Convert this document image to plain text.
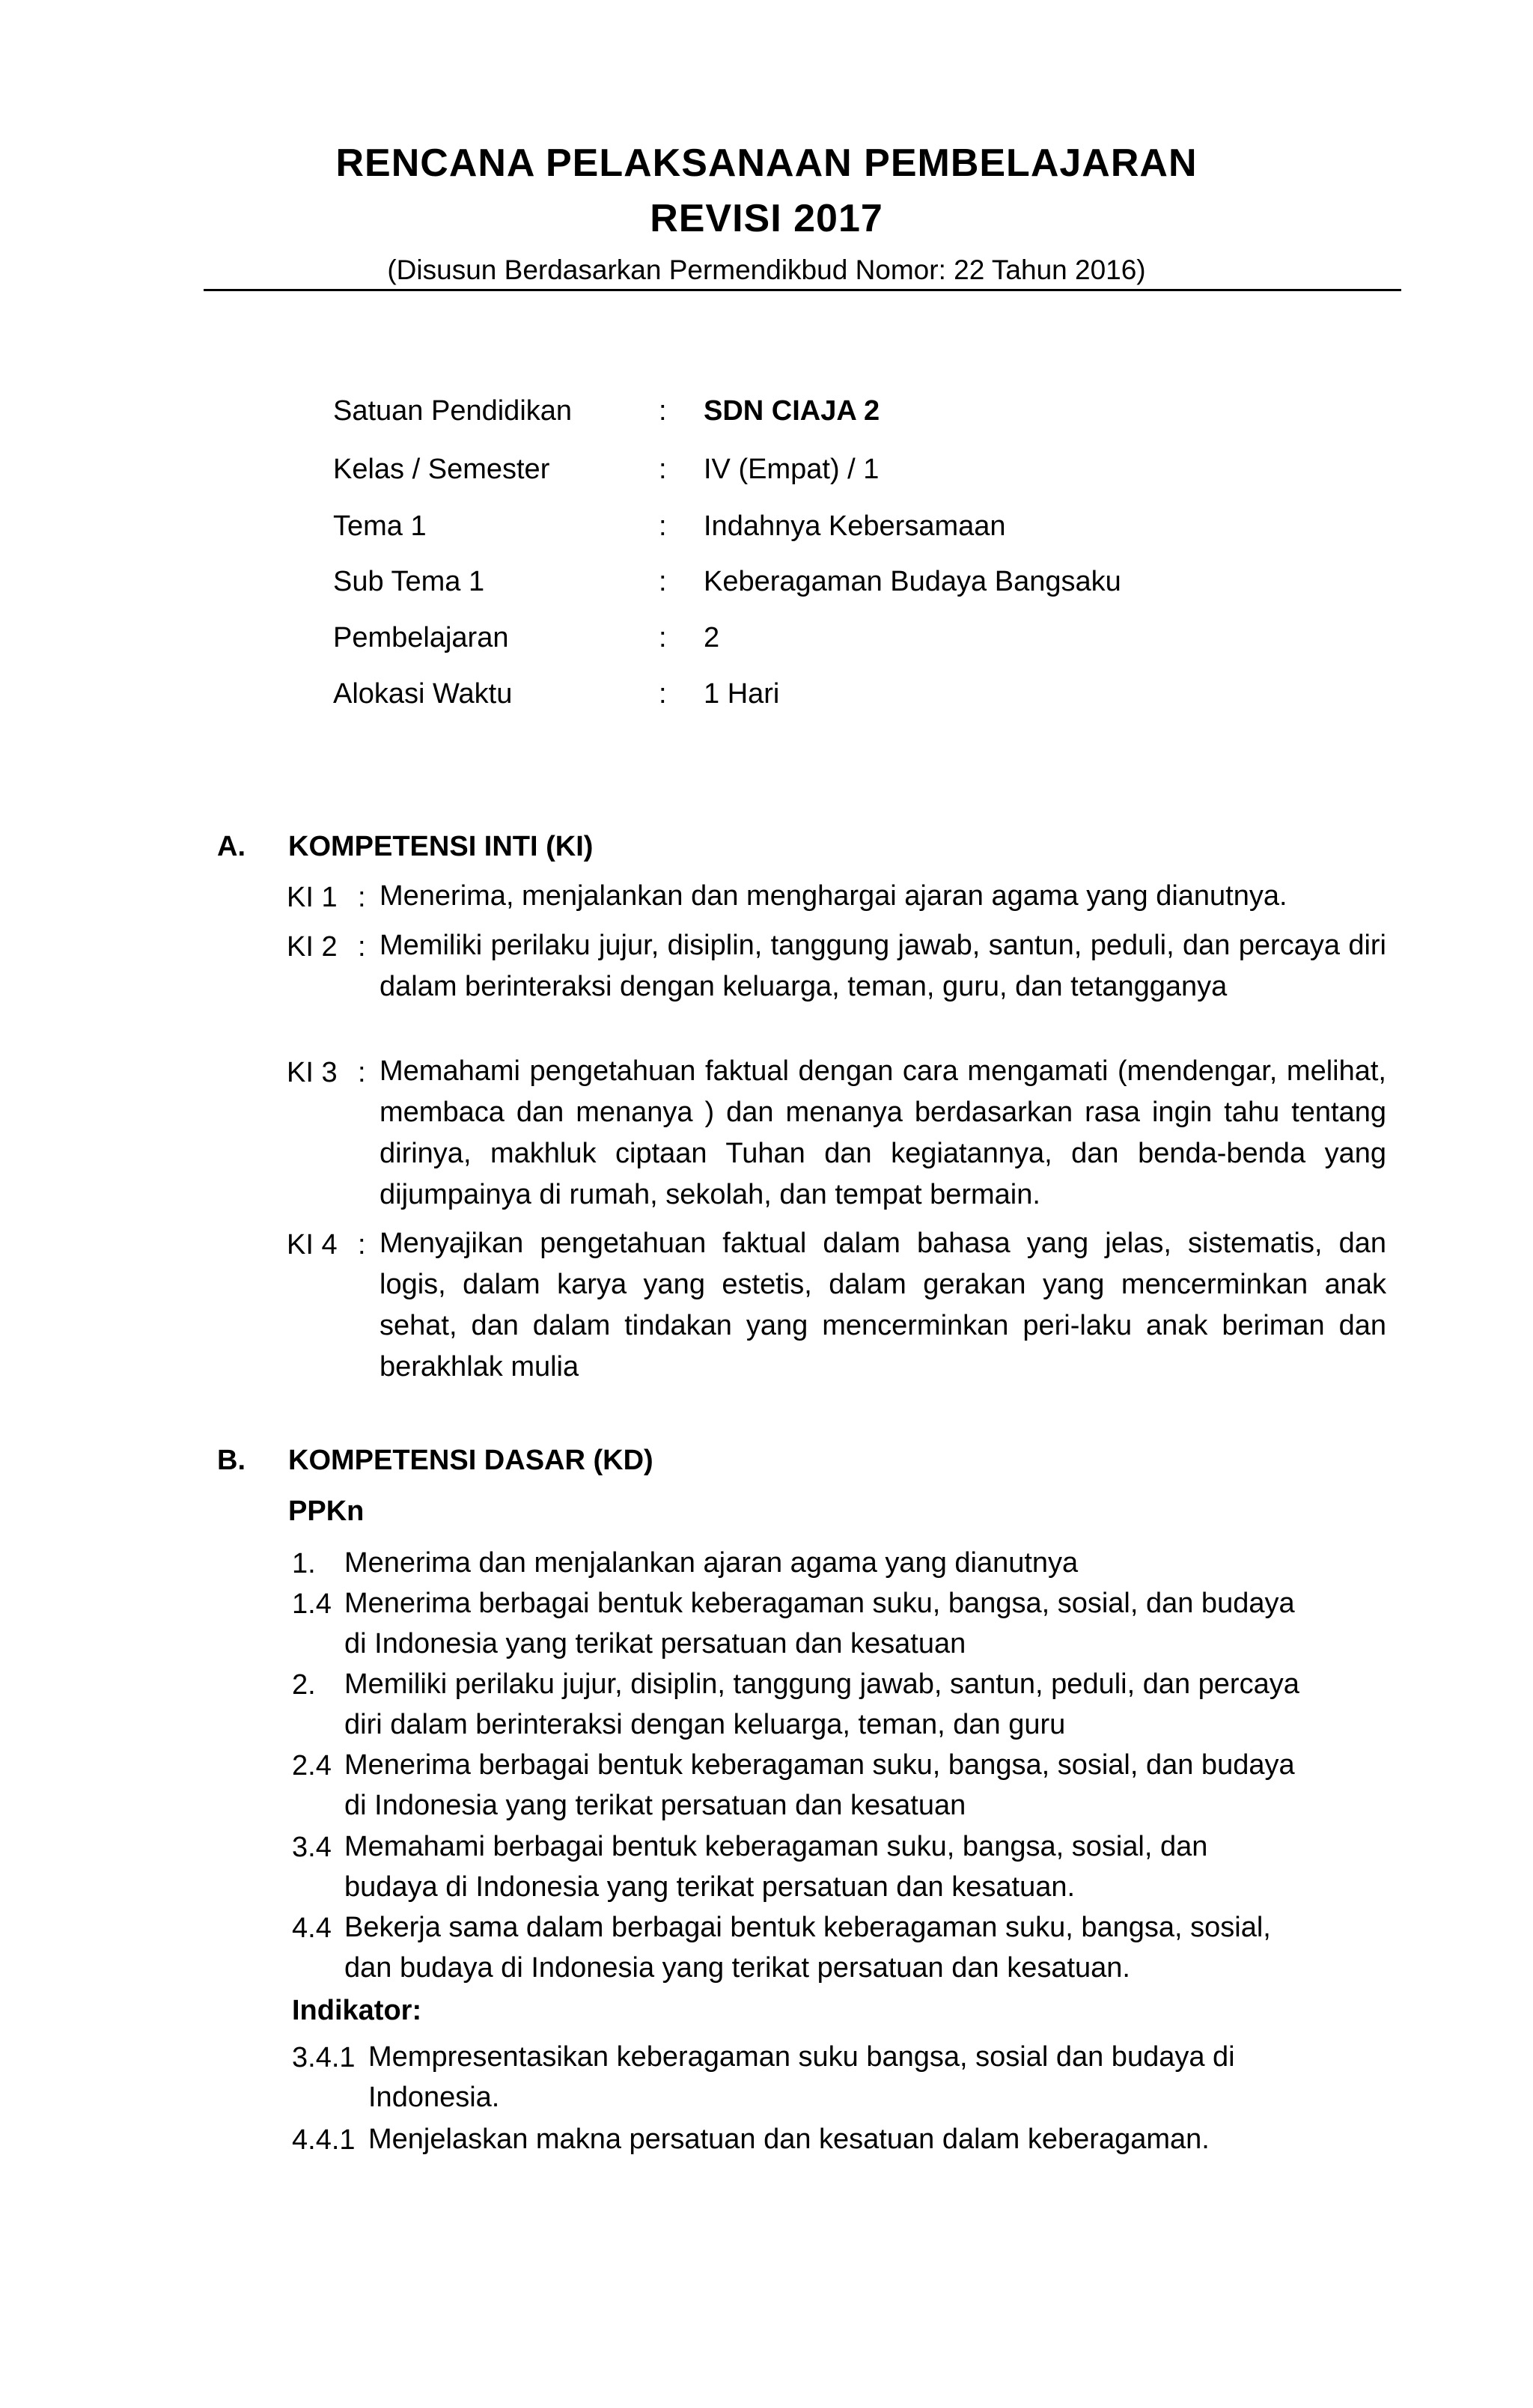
RENCANA PELAKSANAAN PEMBELAJARAN
REVISI 2017
(Disusun Berdasarkan Permendikbud Nomor: 22 Tahun 2016)
Satuan Pendidikan	: SDN CIAJA 2
Kelas / Semester	: IV (Empat) / 1
Tema 1	: Indahnya Kebersamaan
Sub Tema 1	: Keberagaman Budaya Bangsaku
Pembelajaran	: 2
Alokasi Waktu	: 1 Hari
A. KOMPETENSI INTI (KI)
KI 1 : Menerima, menjalankan dan menghargai ajaran agama yang dianutnya.
KI 2 : Memiliki perilaku jujur, disiplin, tanggung jawab, santun, peduli, dan percaya diri dalam berinteraksi dengan keluarga, teman, guru, dan tetangganya
KI 3 : Memahami pengetahuan faktual dengan cara mengamati (mendengar, melihat, membaca dan menanya ) dan menanya berdasarkan rasa ingin tahu tentang dirinya, makhluk ciptaan Tuhan dan kegiatannya, dan benda-benda yang dijumpainya di rumah, sekolah, dan tempat bermain.
KI 4 : Menyajikan pengetahuan faktual dalam bahasa yang jelas, sistematis, dan logis, dalam karya yang estetis, dalam gerakan yang mencerminkan anak sehat, dan dalam tindakan yang mencerminkan peri-laku anak beriman dan berakhlak mulia
B. KOMPETENSI DASAR (KD)
PPKn
1. Menerima dan menjalankan ajaran agama yang dianutnya
1.4 Menerima berbagai bentuk keberagaman suku, bangsa, sosial, dan budaya
di Indonesia yang terikat persatuan dan kesatuan
2. Memiliki perilaku jujur, disiplin, tanggung jawab, santun, peduli, dan percaya
diri dalam berinteraksi dengan keluarga, teman, dan guru
2.4 Menerima berbagai bentuk keberagaman suku, bangsa, sosial, dan budaya
di Indonesia yang terikat persatuan dan kesatuan
3.4 Memahami berbagai bentuk keberagaman suku, bangsa, sosial, dan
budaya di Indonesia yang terikat persatuan dan kesatuan.
4.4 Bekerja sama dalam berbagai bentuk keberagaman suku, bangsa, sosial,
dan budaya di Indonesia yang terikat persatuan dan kesatuan.
Indikator:
3.4.1 Mempresentasikan keberagaman suku bangsa, sosial dan budaya di
Indonesia.
4.4.1 Menjelaskan makna persatuan dan kesatuan dalam keberagaman.
